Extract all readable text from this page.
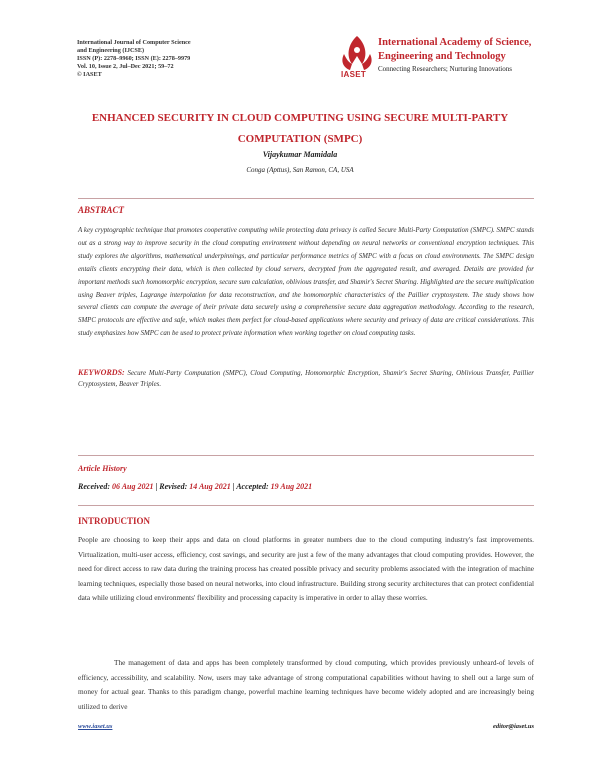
International Journal of Computer Science
and Engineering (IJCSE)
ISSN (P): 2278–9960; ISSN (E): 2278–9979
Vol. 10, Issue 2, Jul–Dec 2021; 59–72
© IASET	IASET
International Academy of Science,
Engineering and Technology
Connecting Researchers; Nurturing Innovations
ENHANCED SECURITY IN CLOUD COMPUTING USING SECURE MULTI-PARTY
COMPUTATION (SMPC)
Vijaykumar Mamidala
Conga (Apttus), San Ramon, CA, USA
ABSTRACT
A key cryptographic technique that promotes cooperative computing while protecting data privacy is called Secure Multi-Party Computation (SMPC). SMPC stands out as a strong way to improve security in the cloud computing environment without depending on neural networks or conventional encryption techniques. This study explores the algorithms, mathematical underpinnings, and particular performance metrics of SMPC with a focus on cloud environments. The SMPC design entails clients encrypting their data, which is then collected by cloud servers, decrypted from the aggregated result, and averaged. Details are provided for important methods such homomorphic encryption, secure sum calculation, oblivious transfer, and Shamir's Secret Sharing. Highlighted are the secure multiplication using Beaver triples, Lagrange interpolation for data reconstruction, and the homomorphic characteristics of the Paillier cryptosystem. The study shows how several clients can compute the average of their private data securely using a comprehensive secure data aggregation methodology. According to the research, SMPC protocols are effective and safe, which makes them perfect for cloud-based applications where security and privacy of data are critical considerations. This study emphasizes how SMPC can be used to protect private information when working together on cloud computing tasks.
KEYWORDS: Secure Multi-Party Computation (SMPC), Cloud Computing, Homomorphic Encryption, Shamir's Secret Sharing, Oblivious Transfer, Paillier Cryptosystem, Beaver Triples.
Article History
Received: 06 Aug 2021 | Revised: 14 Aug 2021 | Accepted: 19 Aug 2021
INTRODUCTION
People are choosing to keep their apps and data on cloud platforms in greater numbers due to the cloud computing industry's fast improvements. Virtualization, multi-user access, efficiency, cost savings, and security are just a few of the many advantages that cloud computing provides. However, the need for direct access to raw data during the training process has created possible privacy and security problems associated with the integration of machine learning techniques, especially those based on neural networks, into cloud infrastructure. Building strong security architectures that can protect confidential data while utilizing cloud environments' flexibility and processing capacity is imperative in order to allay these worries.
The management of data and apps has been completely transformed by cloud computing, which provides previously unheard-of levels of efficiency, accessibility, and scalability. Now, users may take advantage of strong computational capabilities without having to shell out a large sum of money for actual gear. Thanks to this paradigm change, powerful machine learning techniques have become widely adopted and are increasingly being utilized to derive
www.iaset.us	editor@iaset.us
